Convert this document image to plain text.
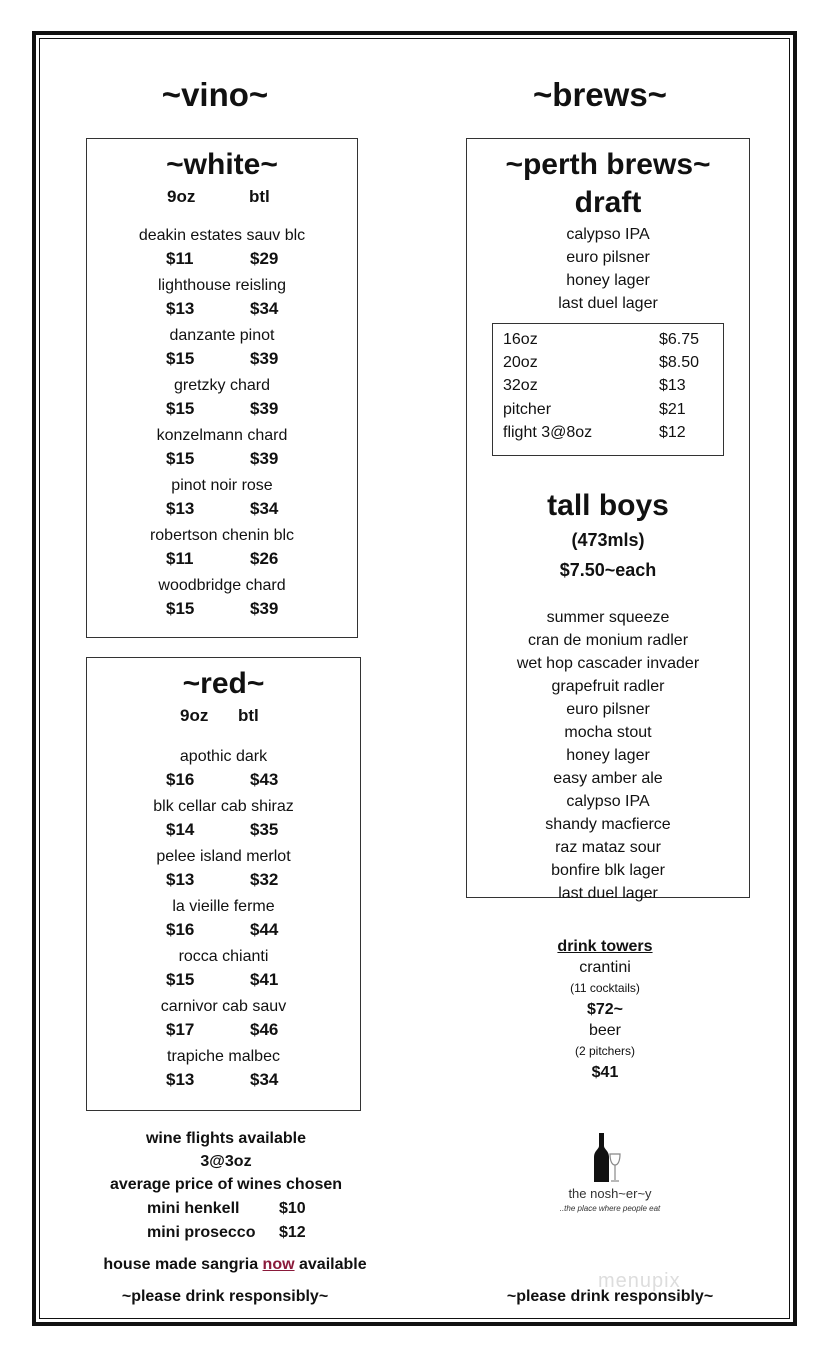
~vino~
~white~
9oz	btl
deakin estates sauv blc
$11	$29
lighthouse reisling
$13	$34
danzante pinot
$15	$39
gretzky chard
$15	$39
konzelmann chard
$15	$39
pinot noir rose
$13	$34
robertson chenin blc
$11	$26
woodbridge chard
$15	$39
~red~
9oz btl
apothic dark
$16	$43
blk cellar cab shiraz
$14	$35
pelee island merlot
$13	$32
la vieille ferme
$16	$44
rocca chianti
$15	$41
carnivor cab sauv
$17	$46
trapiche malbec
$13	$34
wine flights available
3@3oz
average price of wines chosen
mini henkell $10
mini prosecco $12
house made sangria now available
~please drink responsibly~
~brews~
~perth brews~
draft
calypso IPA
euro pilsner
honey lager
last duel lager
tall boys
(473mls)
$7.50~each
summer squeeze
cran de monium radler
wet hop cascader invader
grapefruit radler
euro pilsner
mocha stout
honey lager
easy amber ale
calypso IPA
shandy macfierce
raz mataz sour
bonfire blk lager
last duel lager
16oz	$6.75
20oz	$8.50
32oz	$13
pitcher	$21
flight 3@8oz	$12
drink towers
crantini
(11 cocktails)
$72~
beer
(2 pitchers)
$41
the nosh~er~y
..the place where people eat
menupix
~please drink responsibly~
